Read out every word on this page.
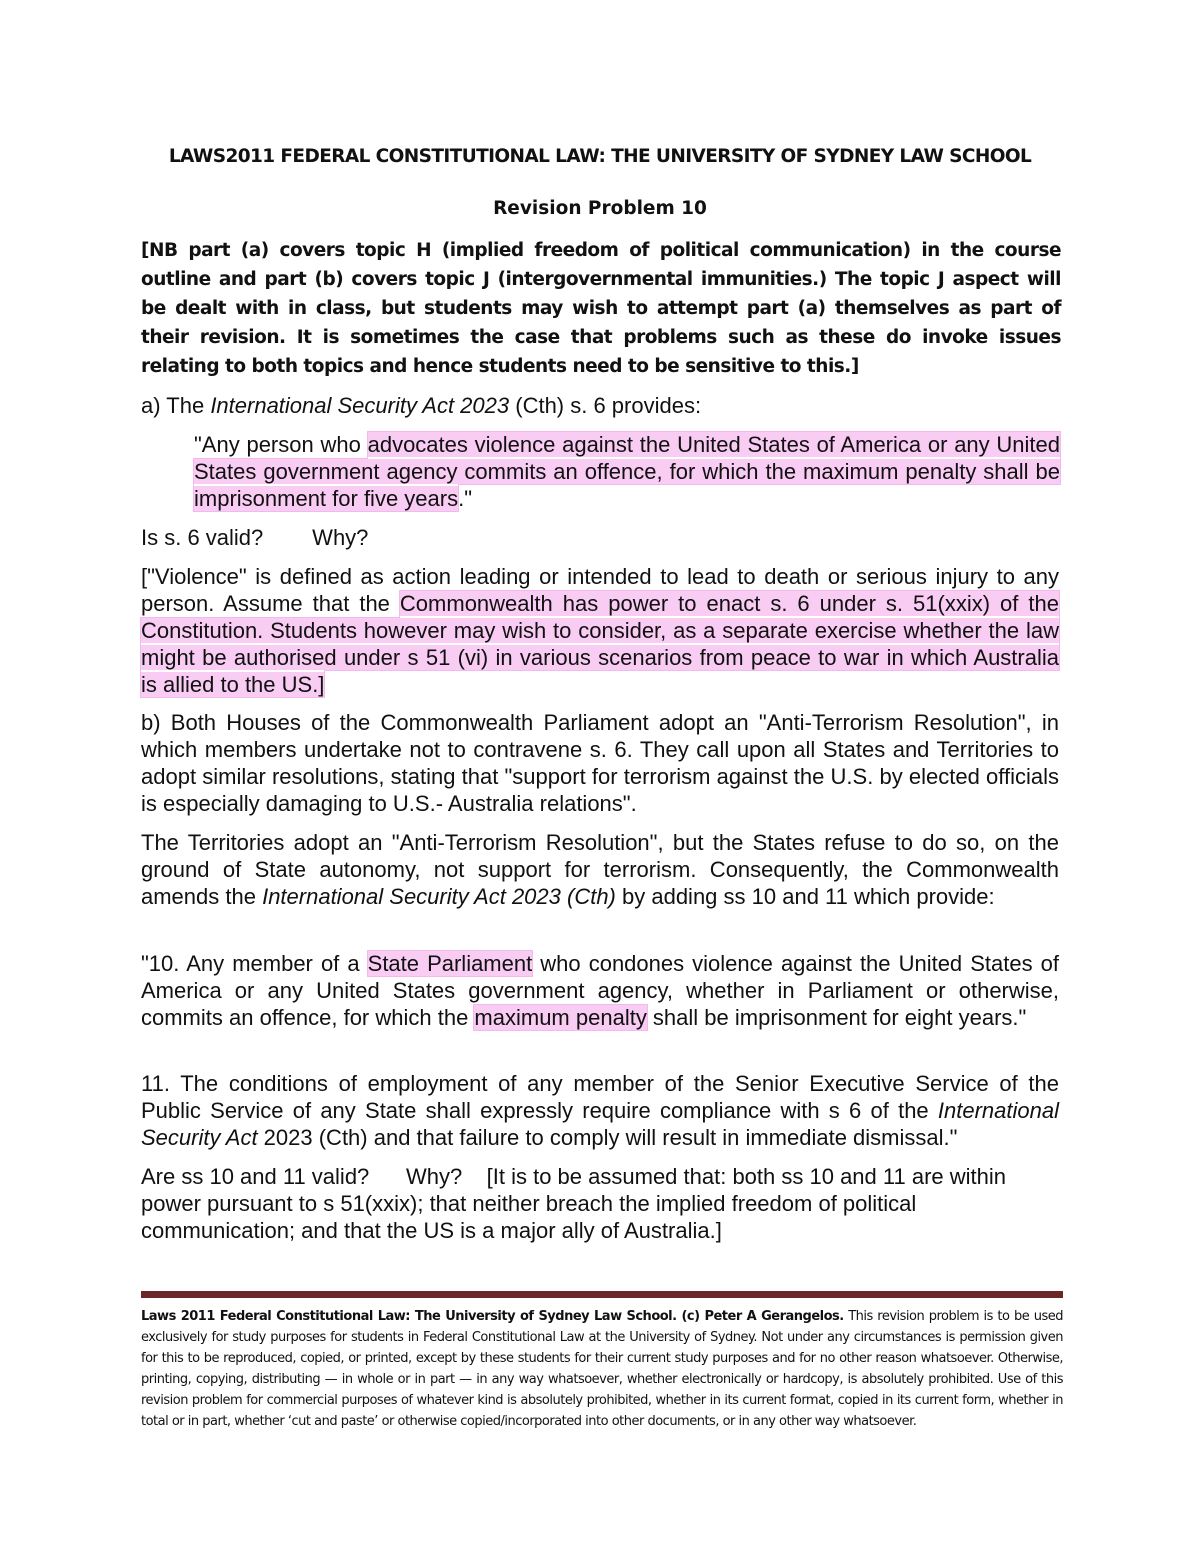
LAWS2011 FEDERAL CONSTITUTIONAL LAW: THE UNIVERSITY OF SYDNEY LAW SCHOOL
Revision Problem 10
[NB part (a) covers topic H (implied freedom of political communication) in the course outline and part (b) covers topic J (intergovernmental immunities.) The topic J aspect will be dealt with in class, but students may wish to attempt part (a) themselves as part of their revision. It is sometimes the case that problems such as these do invoke issues relating to both topics and hence students need to be sensitive to this.]
a) The International Security Act 2023 (Cth) s. 6 provides:
"Any person who advocates violence against the United States of America or any United States government agency commits an offence, for which the maximum penalty shall be imprisonment for five years."
Is s. 6 valid?        Why?
["Violence" is defined as action leading or intended to lead to death or serious injury to any person. Assume that the Commonwealth has power to enact s. 6 under s. 51(xxix) of the Constitution. Students however may wish to consider, as a separate exercise whether the law might be authorised under s 51 (vi) in various scenarios from peace to war in which Australia is allied to the US.]
b) Both Houses of the Commonwealth Parliament adopt an "Anti-Terrorism Resolution", in which members undertake not to contravene s. 6. They call upon all States and Territories to adopt similar resolutions, stating that "support for terrorism against the U.S. by elected officials is especially damaging to U.S.- Australia relations".
The Territories adopt an "Anti-Terrorism Resolution", but the States refuse to do so, on the ground of State autonomy, not support for terrorism. Consequently, the Commonwealth amends the International Security Act 2023 (Cth) by adding ss 10 and 11 which provide:
"10. Any member of a State Parliament who condones violence against the United States of America or any United States government agency, whether in Parliament or otherwise, commits an offence, for which the maximum penalty shall be imprisonment for eight years."
11. The conditions of employment of any member of the Senior Executive Service of the Public Service of any State shall expressly require compliance with s 6 of the International Security Act 2023 (Cth) and that failure to comply will result in immediate dismissal."
Are ss 10 and 11 valid?      Why?    [It is to be assumed that: both ss 10 and 11 are within power pursuant to s 51(xxix); that neither breach the implied freedom of political communication; and that the US is a major ally of Australia.]
Laws 2011 Federal Constitutional Law: The University of Sydney Law School. (c) Peter A Gerangelos. This revision problem is to be used exclusively for study purposes for students in Federal Constitutional Law at the University of Sydney. Not under any circumstances is permission given for this to be reproduced, copied, or printed, except by these students for their current study purposes and for no other reason whatsoever. Otherwise, printing, copying, distributing — in whole or in part — in any way whatsoever, whether electronically or hardcopy, is absolutely prohibited. Use of this revision problem for commercial purposes of whatever kind is absolutely prohibited, whether in its current format, copied in its current form, whether in total or in part, whether ‘cut and paste’ or otherwise copied/incorporated into other documents, or in any other way whatsoever.
